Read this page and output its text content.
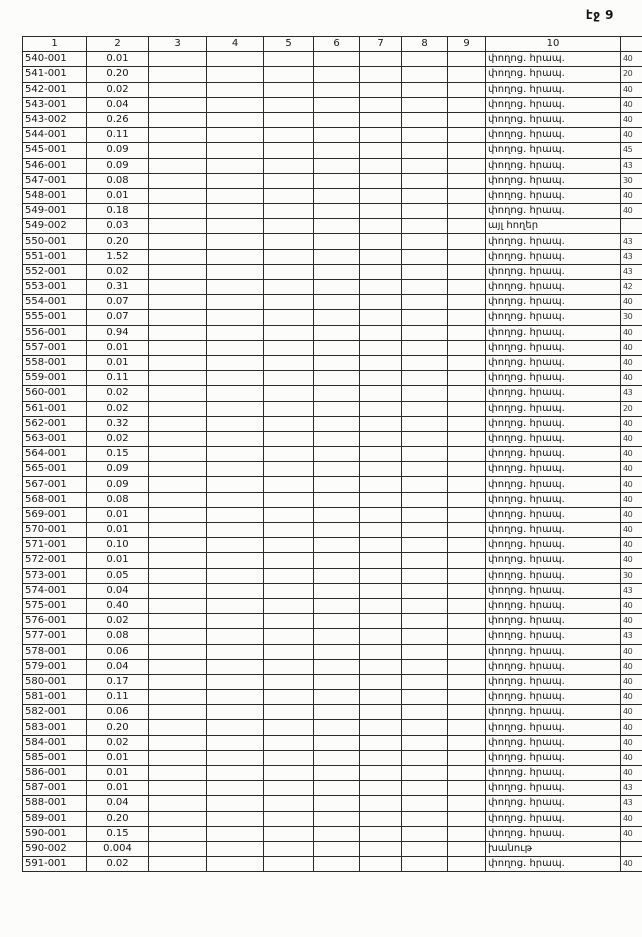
էջ 9
1	2	3	4	5	6	7	8	9	10	
540-001	0.01								փողոց. հրապ.	40
541-001	0.20								փողոց. հրապ.	20
542-001	0.02								փողոց. հրապ.	40
543-001	0.04								փողոց. հրապ.	40
543-002	0.26								փողոց. հրապ.	40
544-001	0.11								փողոց. հրապ.	40
545-001	0.09								փողոց. հրապ.	45
546-001	0.09								փողոց. հրապ.	43
547-001	0.08								փողոց. հրապ.	30
548-001	0.01								փողոց. հրապ.	40
549-001	0.18								փողոց. հրապ.	40
549-002	0.03								այլ հողեր	
550-001	0.20								փողոց. հրապ.	43
551-001	1.52								փողոց. հրապ.	43
552-001	0.02								փողոց. հրապ.	43
553-001	0.31								փողոց. հրապ.	42
554-001	0.07								փողոց. հրապ.	40
555-001	0.07								փողոց. հրապ.	30
556-001	0.94								փողոց. հրապ.	40
557-001	0.01								փողոց. հրապ.	40
558-001	0.01								փողոց. հրապ.	40
559-001	0.11								փողոց. հրապ.	40
560-001	0.02								փողոց. հրապ.	43
561-001	0.02								փողոց. հրապ.	20
562-001	0.32								փողոց. հրապ.	40
563-001	0.02								փողոց. հրապ.	40
564-001	0.15								փողոց. հրապ.	40
565-001	0.09								փողոց. հրապ.	40
567-001	0.09								փողոց. հրապ.	40
568-001	0.08								փողոց. հրապ.	40
569-001	0.01								փողոց. հրապ.	40
570-001	0.01								փողոց. հրապ.	40
571-001	0.10								փողոց. հրապ.	40
572-001	0.01								փողոց. հրապ.	40
573-001	0.05								փողոց. հրապ.	30
574-001	0.04								փողոց. հրապ.	43
575-001	0.40								փողոց. հրապ.	40
576-001	0.02								փողոց. հրապ.	40
577-001	0.08								փողոց. հրապ.	43
578-001	0.06								փողոց. հրապ.	40
579-001	0.04								փողոց. հրապ.	40
580-001	0.17								փողոց. հրապ.	40
581-001	0.11								փողոց. հրապ.	40
582-001	0.06								փողոց. հրապ.	40
583-001	0.20								փողոց. հրապ.	40
584-001	0.02								փողոց. հրապ.	40
585-001	0.01								փողոց. հրապ.	40
586-001	0.01								փողոց. հրապ.	40
587-001	0.01								փողոց. հրապ.	43
588-001	0.04								փողոց. հրապ.	43
589-001	0.20								փողոց. հրապ.	40
590-001	0.15								փողոց. հրապ.	40
590-002	0.004								խանութ	
591-001	0.02								փողոց. հրապ.	40
